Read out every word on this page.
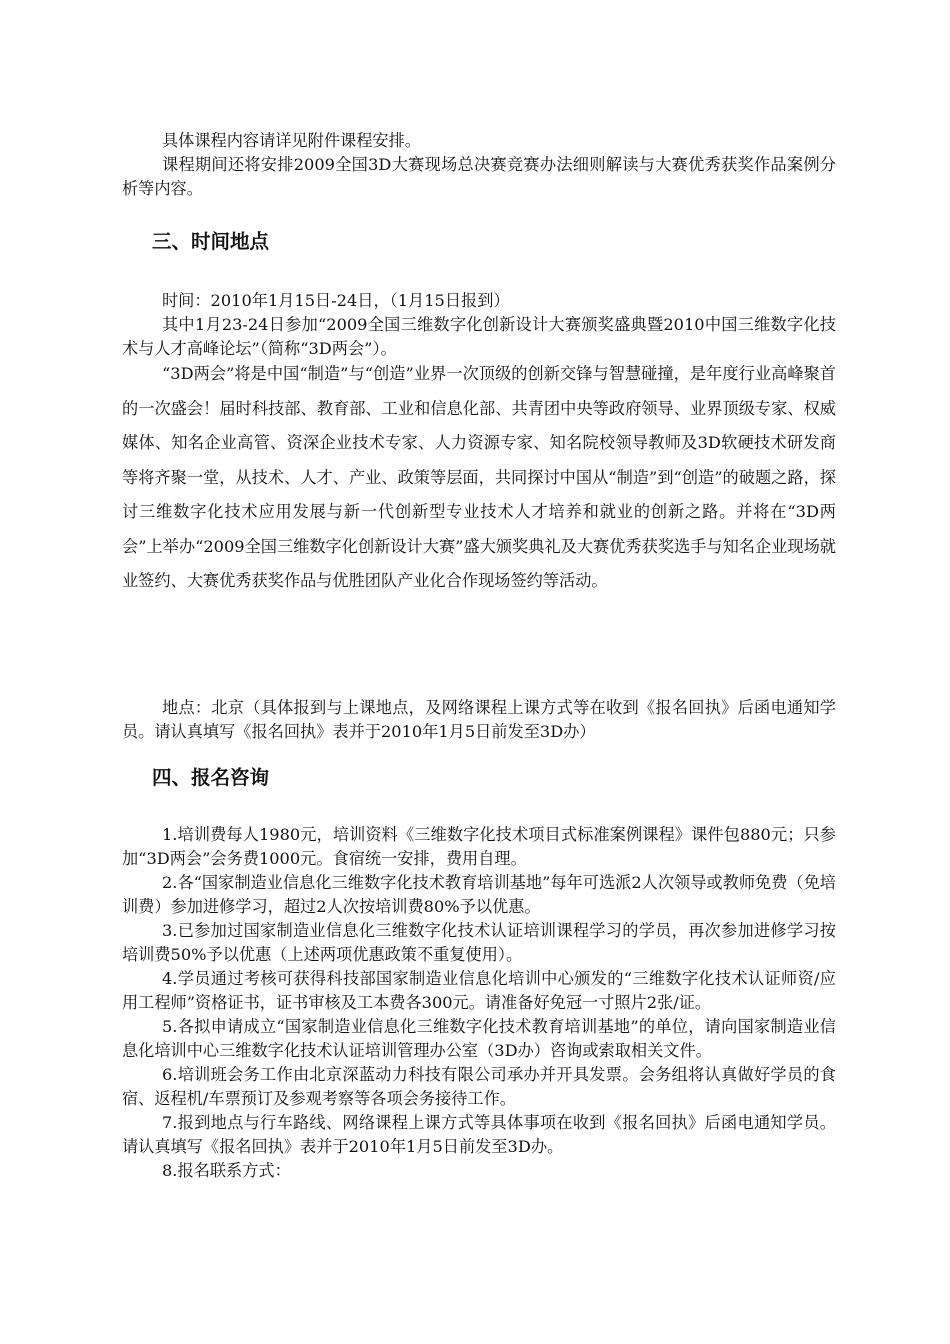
具体课程内容请详见附件课程安排。

课程期间还将安排2009全国3D大赛现场总决赛竞赛办法细则解读与大赛优秀获奖作品案例分析等内容。

三、时间地点

时间：2010年1月15日-24日，（1月15日报到）

其中1月23-24日参加“2009全国三维数字化创新设计大赛颁奖盛典暨2010中国三维数字化技术与人才高峰论坛”（简称“3D两会”）。

“3D两会”将是中国“制造”与“创造”业界一次顶级的创新交锋与智慧碰撞，是年度行业高峰聚首的一次盛会！届时科技部、教育部、工业和信息化部、共青团中央等政府领导、业界顶级专家、权威媒体、知名企业高管、资深企业技术专家、人力资源专家、知名院校领导教师及3D软硬技术研发商等将齐聚一堂，从技术、人才、产业、政策等层面，共同探讨中国从“制造”到“创造”的破题之路，探讨三维数字化技术应用发展与新一代创新型专业技术人才培养和就业的创新之路。并将在“3D两会”上举办“2009全国三维数字化创新设计大赛”盛大颁奖典礼及大赛优秀获奖选手与知名企业现场就业签约、大赛优秀获奖作品与优胜团队产业化合作现场签约等活动。

地点：北京（具体报到与上课地点，及网络课程上课方式等在收到《报名回执》后函电通知学员。请认真填写《报名回执》表并于2010年1月5日前发至3D办）

四、报名咨询

1.培训费每人1980元，培训资料《三维数字化技术项目式标准案例课程》课件包880元；只参加“3D两会”会务费1000元。食宿统一安排，费用自理。

2.各“国家制造业信息化三维数字化技术教育培训基地”每年可选派2人次领导或教师免费（免培训费）参加进修学习，超过2人次按培训费80%予以优惠。

3.已参加过国家制造业信息化三维数字化技术认证培训课程学习的学员，再次参加进修学习按培训费50%予以优惠（上述两项优惠政策不重复使用）。

4.学员通过考核可获得科技部国家制造业信息化培训中心颁发的“三维数字化技术认证师资/应用工程师”资格证书，证书审核及工本费各300元。请准备好免冠一寸照片2张/证。

5.各拟申请成立“国家制造业信息化三维数字化技术教育培训基地”的单位，请向国家制造业信息化培训中心三维数字化技术认证培训管理办公室（3D办）咨询或索取相关文件。

6.培训班会务工作由北京深蓝动力科技有限公司承办并开具发票。会务组将认真做好学员的食宿、返程机/车票预订及参观考察等各项会务接待工作。

7.报到地点与行车路线、网络课程上课方式等具体事项在收到《报名回执》后函电通知学员。请认真填写《报名回执》表并于2010年1月5日前发至3D办。

8.报名联系方式：
